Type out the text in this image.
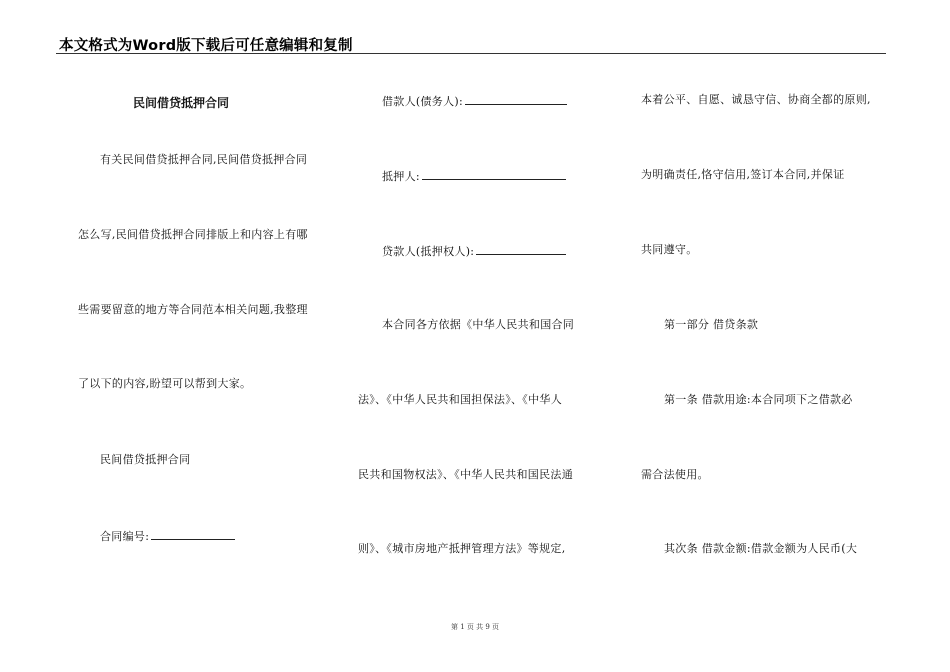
本文格式为Word版下载后可任意编辑和复制
民间借贷抵押合同
有关民间借贷抵押合同,民间借贷抵押合同
怎么写,民间借贷抵押合同排版上和内容上有哪
些需要留意的地方等合同范本相关问题,我整理
了以下的内容,盼望可以帮到大家。
民间借贷抵押合同
合同编号:
借款人(债务人):
抵押人:
贷款人(抵押权人):
本合同各方依据《中华人民共和国合同
法》、《中华人民共和国担保法》、《中华人
民共和国物权法》、《中华人民共和国民法通
则》、《城市房地产抵押管理方法》等规定,
本着公平、自愿、诚恳守信、协商全都的原则,
为明确责任,恪守信用,签订本合同,并保证
共同遵守。
第一部分 借贷条款
第一条 借款用途:本合同项下之借款必
需合法使用。
其次条 借款金额:借款金额为人民币(大
第 1 页 共 9 页
